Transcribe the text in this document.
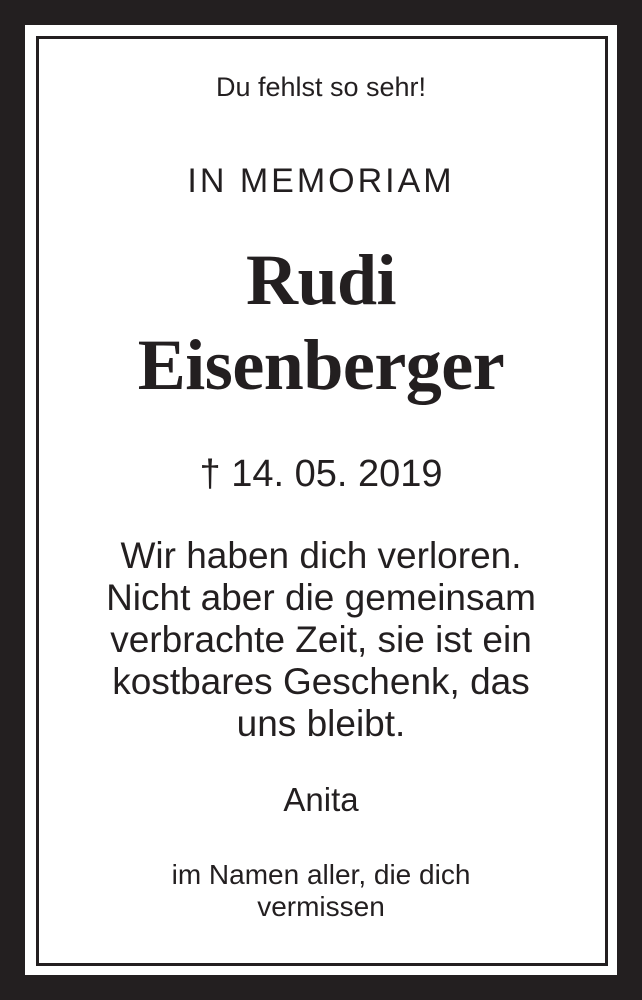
Du fehlst so sehr!
IN MEMORIAM
Rudi
Eisenberger
† 14. 05. 2019
Wir haben dich verloren.
Nicht aber die gemeinsam
verbrachte Zeit, sie ist ein
kostbares Geschenk, das
uns bleibt.
Anita
im Namen aller, die dich
vermissen
